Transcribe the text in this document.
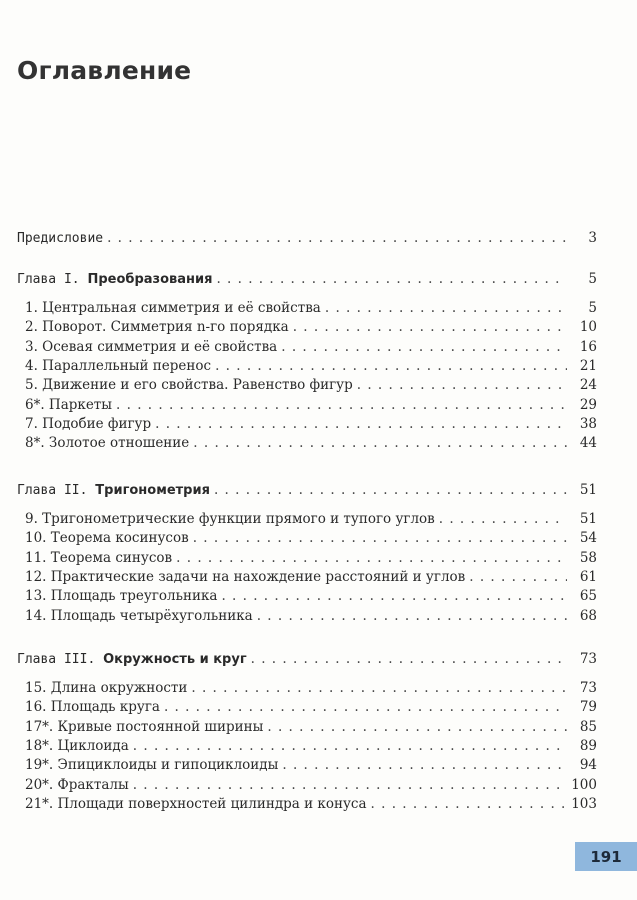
Оглавление
Предисловие . . .	3
Глава I. Преобразования . . .	5
1. Центральная симметрия и её свойства . . .	5
2. Поворот. Симметрия n-го порядка . . .	10
3. Осевая симметрия и её свойства . . .	16
4. Параллельный перенос . . .	21
5. Движение и его свойства. Равенство фигур . . .	24
6*. Паркеты . . .	29
7. Подобие фигур . . .	38
8*. Золотое отношение . . .	44
Глава II. Тригонометрия . . .	51
9. Тригонометрические функции прямого и тупого углов . . .	51
10. Теорема косинусов . . .	54
11. Теорема синусов . . .	58
12. Практические задачи на нахождение расстояний и углов . . .	61
13. Площадь треугольника . . .	65
14. Площадь четырёхугольника . . .	68
Глава III. Окружность и круг . . .	73
15. Длина окружности . . .	73
16. Площадь круга . . .	79
17*. Кривые постоянной ширины . . .	85
18*. Циклоида . . .	89
19*. Эпициклоиды и гипоциклоиды . . .	94
20*. Фракталы . . .	100
21*. Площади поверхностей цилиндра и конуса . . .	103
191
